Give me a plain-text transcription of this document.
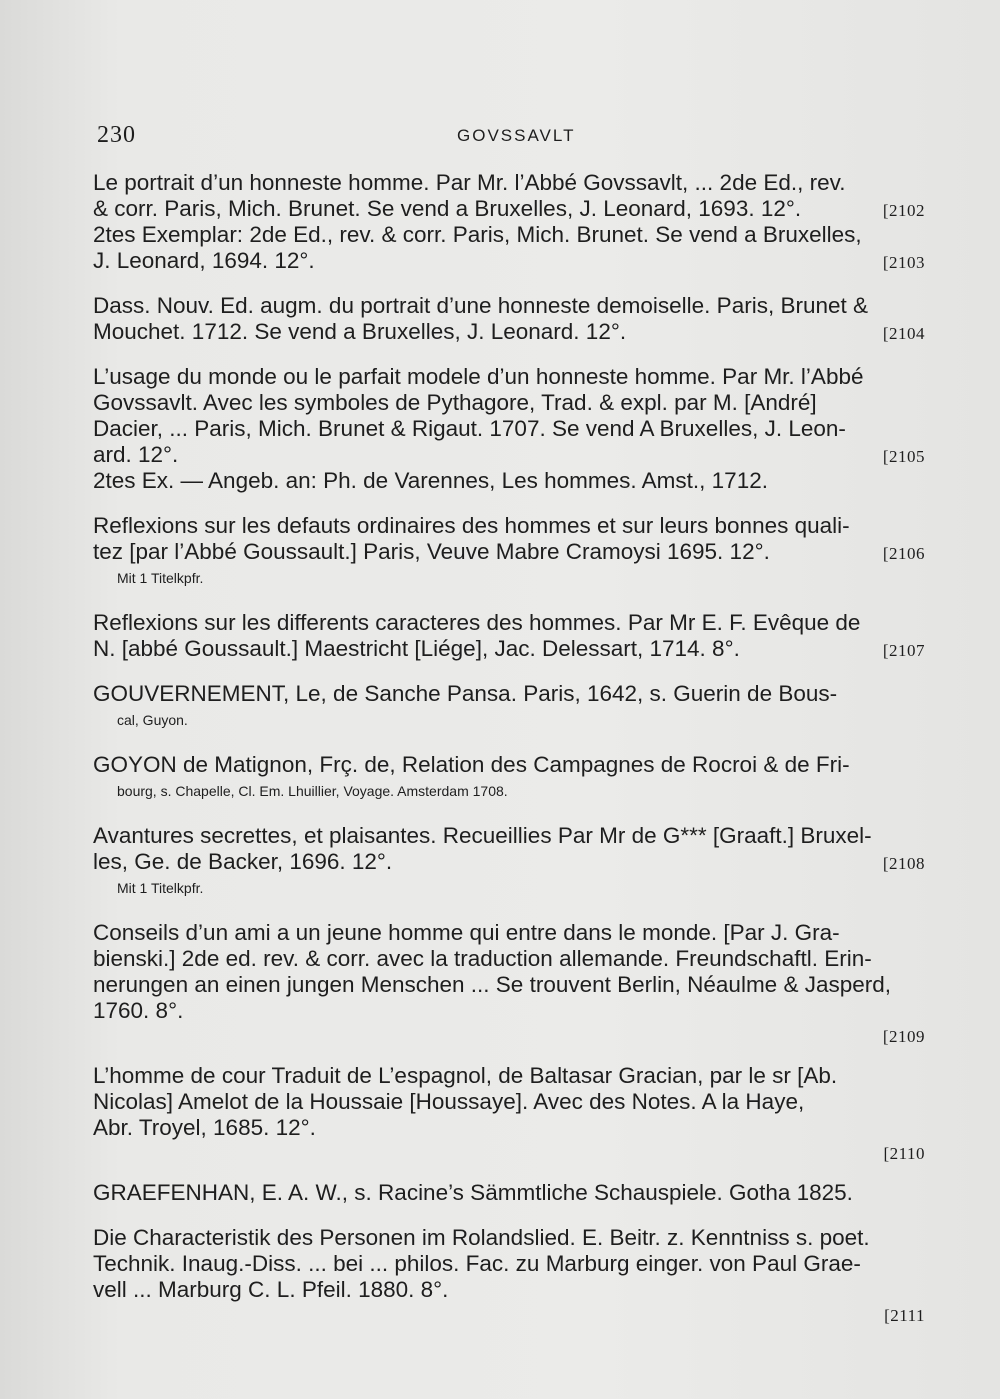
230	GOVSSAVLT
Le portrait d’un honneste homme. Par Mr. l’Abbé Govssavlt, ... 2de Ed., rev.
& corr. Paris, Mich. Brunet. Se vend a Bruxelles, J. Leonard, 1693. 12°.	[2102
2tes Exemplar: 2de Ed., rev. & corr. Paris, Mich. Brunet. Se vend a Bruxelles,
J. Leonard, 1694. 12°.	[2103
Dass. Nouv. Ed. augm. du portrait d’une honneste demoiselle. Paris, Brunet &
Mouchet. 1712. Se vend a Bruxelles, J. Leonard. 12°.	[2104
L’usage du monde ou le parfait modele d’un honneste homme. Par Mr. l’Abbé
Govssavlt. Avec les symboles de Pythagore, Trad. & expl. par M. [André]
Dacier, ... Paris, Mich. Brunet & Rigaut. 1707. Se vend A Bruxelles, J. Leon-
ard. 12°.	[2105
2tes Ex. — Angeb. an: Ph. de Varennes, Les hommes. Amst., 1712.
Reflexions sur les defauts ordinaires des hommes et sur leurs bonnes quali-
tez [par l’Abbé Goussault.] Paris, Veuve Mabre Cramoysi 1695. 12°.	[2106
Mit 1 Titelkpfr.
Reflexions sur les differents caracteres des hommes. Par Mr E. F. Evêque de
N. [abbé Goussault.] Maestricht [Liége], Jac. Delessart, 1714. 8°.	[2107
GOUVERNEMENT, Le, de Sanche Pansa. Paris, 1642, s. Guerin de Bous-
cal, Guyon.
GOYON de Matignon, Frç. de, Relation des Campagnes de Rocroi & de Fri-
bourg, s. Chapelle, Cl. Em. Lhuillier, Voyage. Amsterdam 1708.
Avantures secrettes, et plaisantes. Recueillies Par Mr de G*** [Graaft.] Bruxel-
les, Ge. de Backer, 1696. 12°.	[2108
Mit 1 Titelkpfr.
Conseils d’un ami a un jeune homme qui entre dans le monde. [Par J. Gra-
bienski.] 2de ed. rev. & corr. avec la traduction allemande. Freundschaftl. Erin-
nerungen an einen jungen Menschen ... Se trouvent Berlin, Néaulme & Jasperd,
1760. 8°.
[2109
L’homme de cour Traduit de L’espagnol, de Baltasar Gracian, par le sr [Ab.
Nicolas] Amelot de la Houssaie [Houssaye]. Avec des Notes. A la Haye,
Abr. Troyel, 1685. 12°.
[2110
GRAEFENHAN, E. A. W., s. Racine’s Sämmtliche Schauspiele. Gotha 1825.
Die Characteristik des Personen im Rolandslied. E. Beitr. z. Kenntniss s. poet.
Technik. Inaug.-Diss. ... bei ... philos. Fac. zu Marburg einger. von Paul Grae-
vell ... Marburg C. L. Pfeil. 1880. 8°.
[2111
